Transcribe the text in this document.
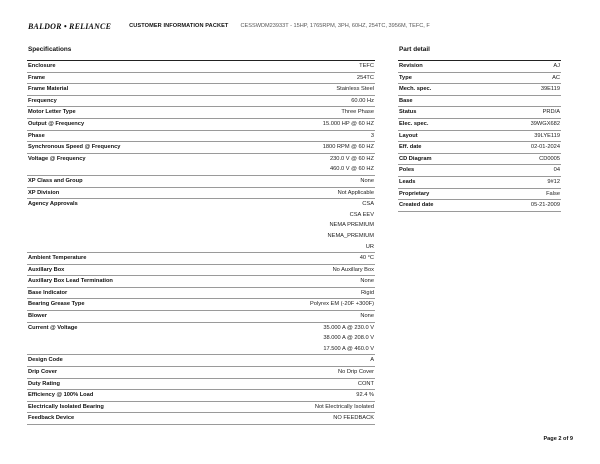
BALDOR • RELIANCE	CUSTOMER INFORMATION PACKET CESSWDM23933T - 15HP, 1765RPM, 3PH, 60HZ, 254TC, 3956M, TEFC, F
Specifications
Enclosure	TEFC
Frame	254TC
Frame Material	Stainless Steel
Frequency	60.00 Hz
Motor Letter Type	Three Phase
Output @ Frequency	15.000 HP @ 60 HZ
Phase	3
Synchronous Speed @ Frequency	1800 RPM @ 60 HZ
Voltage @ Frequency	230.0 V @ 60 HZ
460.0 V @ 60 HZ
XP Class and Group	None
XP Division	Not Applicable
Agency Approvals	CSA
CSA EEV
NEMA PREMIUM
NEMA_PREMIUM
UR
Ambient Temperature	40 °C
Auxillary Box	No Auxillary Box
Auxillary Box Lead Termination	None
Base Indicator	Rigid
Bearing Grease Type	Polyrex EM (-20F +300F)
Blower	None
Current @ Voltage	35.000 A @ 230.0 V
38.000 A @ 208.0 V
17.500 A @ 460.0 V
Design Code	A
Drip Cover	No Drip Cover
Duty Rating	CONT
Efficiency @ 100% Load	92.4 %
Electrically Isolated Bearing	Not Electrically Isolated
Feedback Device	NO FEEDBACK
Part detail
Revision	AJ
Type	AC
Mech. spec.	39E119
Base
Status	PRD/A
Elec. spec.	39WGX682
Layout	39LYE119
Eff. date	02-01-2024
CD Diagram	CD0005
Poles	04
Leads	9#12
Proprietary	False
Created date	05-21-2009
Page 2 of 9
